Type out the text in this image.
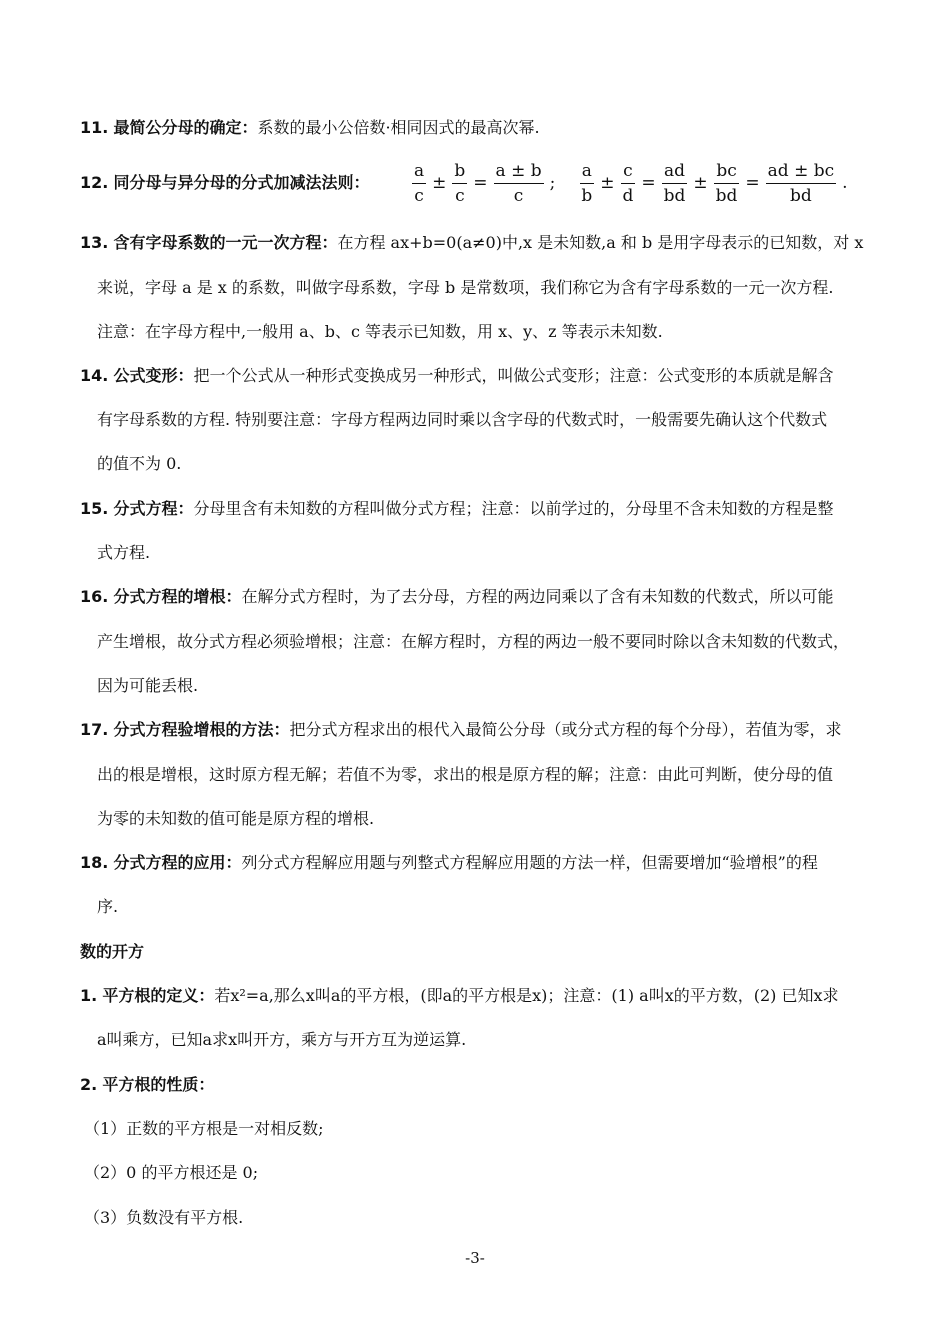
11. 最简公分母的确定：系数的最小公倍数·相同因式的最高次幂.
12. 同分母与异分母的分式加减法法则：	$\frac{a}{c} \pm \frac{b}{c} = \frac{a \pm b}{c}$ ; $\frac{a}{b} \pm \frac{c}{d} = \frac{ad}{bd} \pm \frac{bc}{bd} = \frac{ad \pm bc}{bd}$ .
13. 含有字母系数的一元一次方程：在方程 ax+b=0(a≠0)中,x 是未知数,a 和 b 是用字母表示的已知数，对 x
来说，字母 a 是 x 的系数，叫做字母系数，字母 b 是常数项，我们称它为含有字母系数的一元一次方程.
注意：在字母方程中,一般用 a、b、c 等表示已知数，用 x、y、z 等表示未知数.
14. 公式变形：把一个公式从一种形式变换成另一种形式，叫做公式变形；注意：公式变形的本质就是解含
有字母系数的方程. 特别要注意：字母方程两边同时乘以含字母的代数式时，一般需要先确认这个代数式
的值不为 0.
15. 分式方程：分母里含有未知数的方程叫做分式方程；注意：以前学过的，分母里不含未知数的方程是整
式方程.
16. 分式方程的增根：在解分式方程时，为了去分母，方程的两边同乘以了含有未知数的代数式，所以可能
产生增根，故分式方程必须验增根；注意：在解方程时，方程的两边一般不要同时除以含未知数的代数式，
因为可能丢根.
17. 分式方程验增根的方法：把分式方程求出的根代入最简公分母（或分式方程的每个分母），若值为零，求
出的根是增根，这时原方程无解；若值不为零，求出的根是原方程的解；注意：由此可判断，使分母的值
为零的未知数的值可能是原方程的增根.
18. 分式方程的应用：列分式方程解应用题与列整式方程解应用题的方法一样，但需要增加“验增根”的程
序.
数的开方
1. 平方根的定义：若x²=a,那么x叫a的平方根，(即a的平方根是x)；注意：(1) a叫x的平方数，(2) 已知x求
a叫乘方，已知a求x叫开方，乘方与开方互为逆运算.
2. 平方根的性质：
（1）正数的平方根是一对相反数;
（2）0 的平方根还是 0;
（3）负数没有平方根.
-3-
